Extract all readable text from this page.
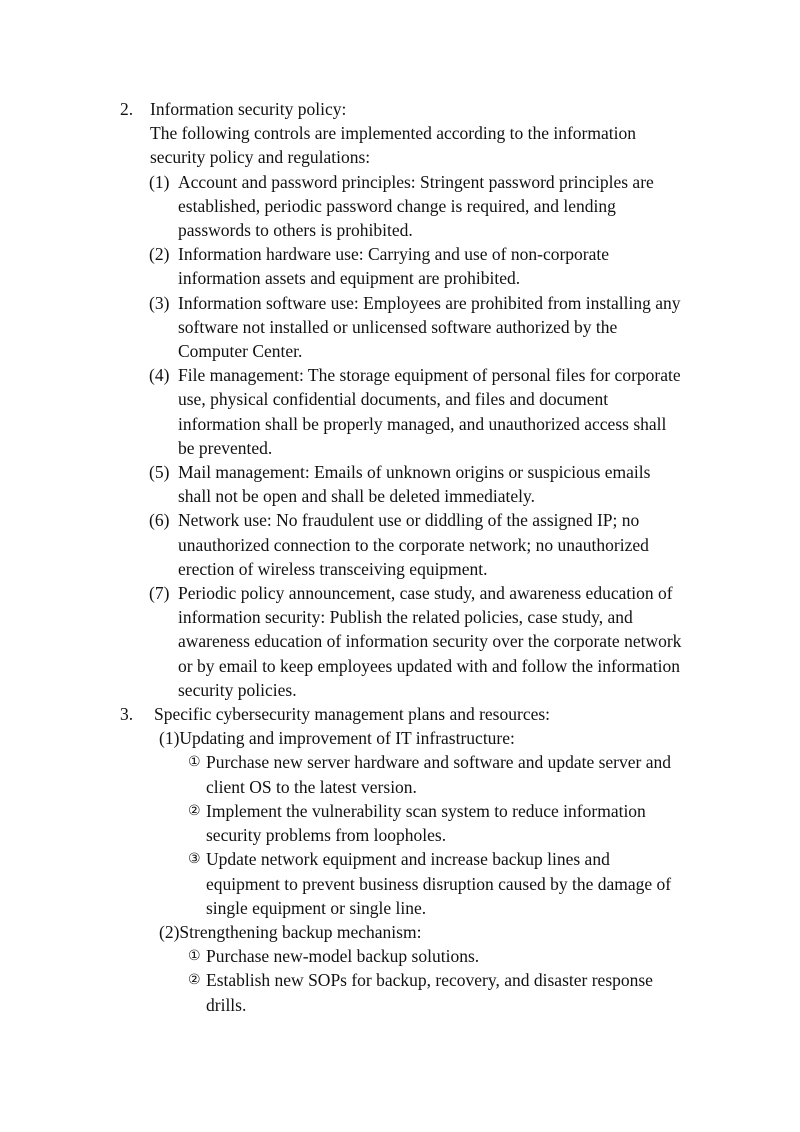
2. Information security policy:

The following controls are implemented according to the information security policy and regulations:

(1) Account and password principles: Stringent password principles are established, periodic password change is required, and lending passwords to others is prohibited.
(2) Information hardware use: Carrying and use of non-corporate information assets and equipment are prohibited.
(3) Information software use: Employees are prohibited from installing any software not installed or unlicensed software authorized by the Computer Center.
(4) File management: The storage equipment of personal files for corporate use, physical confidential documents, and files and document information shall be properly managed, and unauthorized access shall be prevented.
(5) Mail management: Emails of unknown origins or suspicious emails shall not be open and shall be deleted immediately.
(6) Network use: No fraudulent use or diddling of the assigned IP; no unauthorized connection to the corporate network; no unauthorized erection of wireless transceiving equipment.
(7) Periodic policy announcement, case study, and awareness education of information security: Publish the related policies, case study, and awareness education of information security over the corporate network or by email to keep employees updated with and follow the information security policies.
3. Specific cybersecurity management plans and resources:

(1)Updating and improvement of IT infrastructure:

① Purchase new server hardware and software and update server and client OS to the latest version.
② Implement the vulnerability scan system to reduce information security problems from loopholes.
③ Update network equipment and increase backup lines and equipment to prevent business disruption caused by the damage of single equipment or single line.

(2)Strengthening backup mechanism:

① Purchase new-model backup solutions.
② Establish new SOPs for backup, recovery, and disaster response drills.
